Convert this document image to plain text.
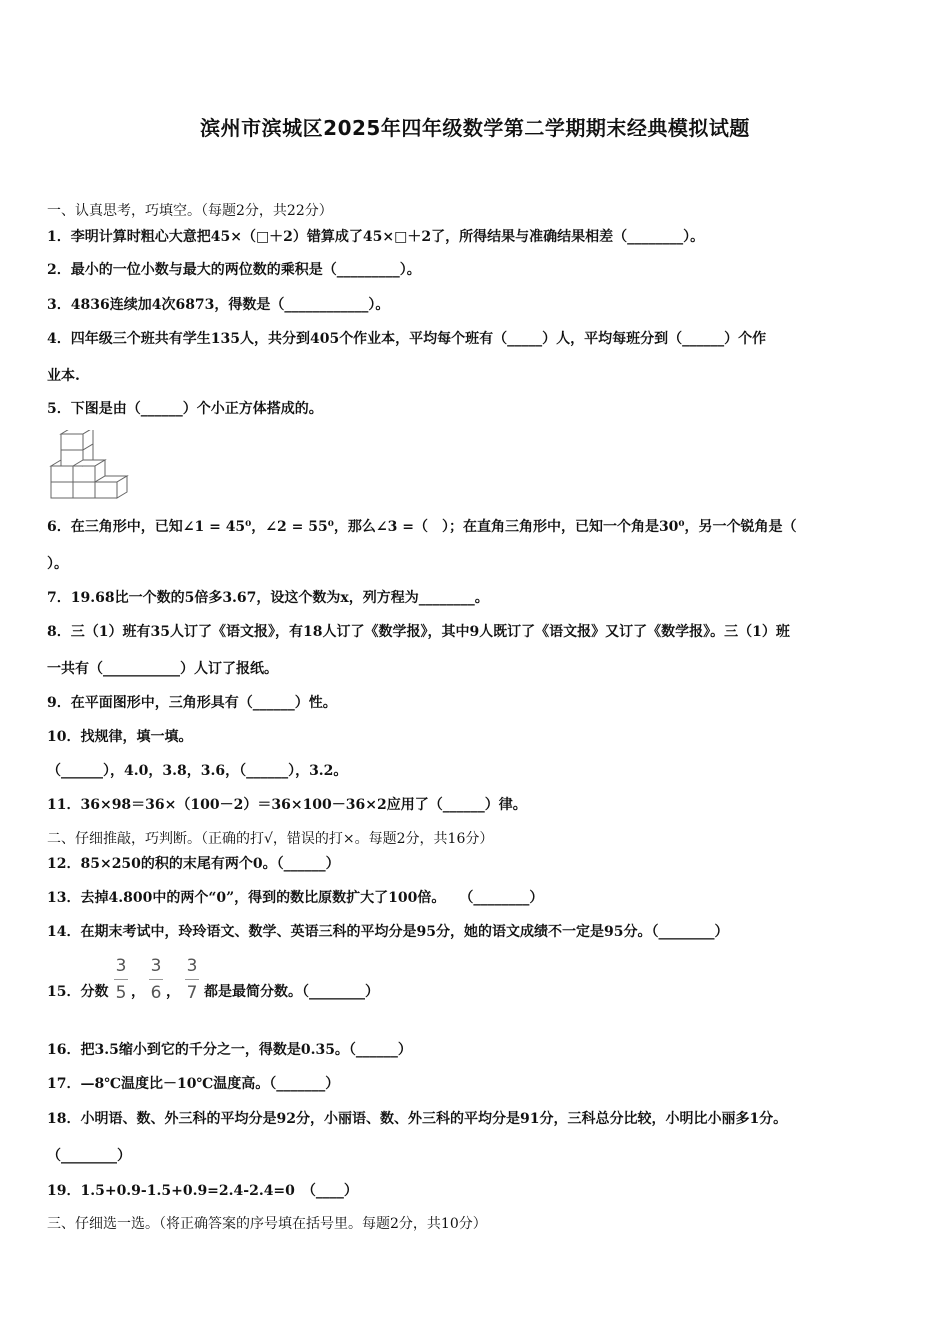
滨州市滨城区2025年四年级数学第二学期期末经典模拟试题
一、认真思考，巧填空。（每题2分，共22分）
1．李明计算时粗心大意把45×（□＋2）错算成了45×□＋2了，所得结果与准确结果相差（________）。
2．最小的一位小数与最大的两位数的乘积是（_________）。
3．4836连续加4次6873，得数是（____________）。
4．四年级三个班共有学生135人，共分到405个作业本，平均每个班有（_____）人，平均每班分到（______）个作
业本.
5．下图是由（______）个小正方体搭成的。
6．在三角形中，已知∠1 = 45⁰，∠2 = 55⁰，那么∠3 =（　）；在直角三角形中，已知一个角是30⁰，另一个锐角是（
）。
7．19.68比一个数的5倍多3.67，设这个数为x，列方程为________。
8．三（1）班有35人订了《语文报》，有18人订了《数学报》，其中9人既订了《语文报》又订了《数学报》。三（1）班
一共有（___________）人订了报纸。
9．在平面图形中，三角形具有（______）性。
10．找规律，填一填。
（______），4.0，3.8，3.6，（______），3.2。
11．36×98＝36×（100－2）＝36×100－36×2应用了（______）律。
二、仔细推敲，巧判断。（正确的打√，错误的打×。每题2分，共16分）
12．85×250的积的末尾有两个0。（______）
13．去掉4.800中的两个“0”，得到的数比原数扩大了100倍。　　（________）
14．在期末考试中，玲玲语文、数学、英语三科的平均分是95分，她的语文成绩不一定是95分。（________）
15．分数
3
5 ，
3
6 ，
3
7 都是最简分数。（________）
16．把3.5缩小到它的千分之一，得数是0.35。（______）
17．—8℃温度比－10℃温度高。（_______）
18．小明语、数、外三科的平均分是92分，小丽语、数、外三科的平均分是91分，三科总分比较，小明比小丽多1分。
（________）
19．1.5+0.9-1.5+0.9=2.4-2.4=0　（____）
三、仔细选一选。（将正确答案的序号填在括号里。每题2分，共10分）
